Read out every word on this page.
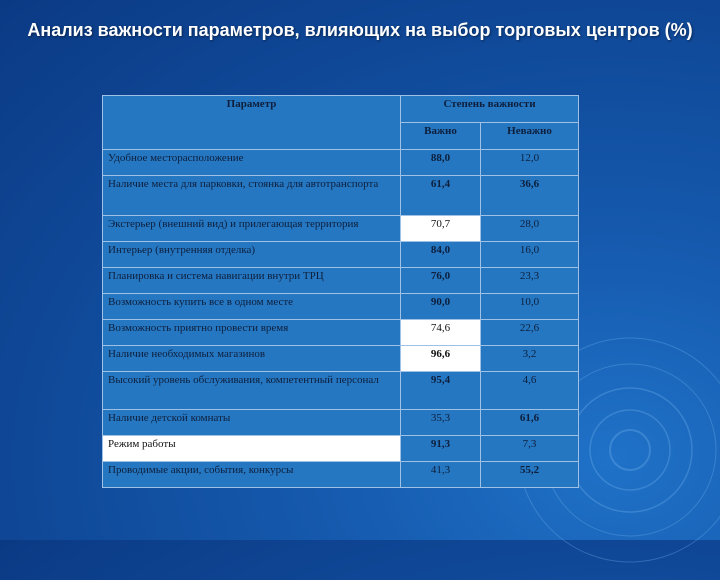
Анализ важности параметров, влияющих на выбор торговых центров (%)
Параметр	Степень важности	
	Важно	Неважно
Удобное месторасположение	88,0	12,0
Наличие места для парковки, стоянка для автотранспорта	61,4	36,6
Экстерьер (внешний вид) и прилегающая территория	70,7	28,0
Интерьер (внутренняя отделка)	84,0	16,0
Планировка и система навигации внутри ТРЦ	76,0	23,3
Возможность купить все в одном месте	90,0	10,0
Возможность приятно провести время	74,6	22,6
Наличие необходимых магазинов	96,6	3,2
Высокий уровень обслуживания, компетентный персонал	95,4	4,6
Наличие детской комнаты	35,3	61,6
Режим работы	91,3	7,3
Проводимые акции, события, конкурсы	41,3	55,2
